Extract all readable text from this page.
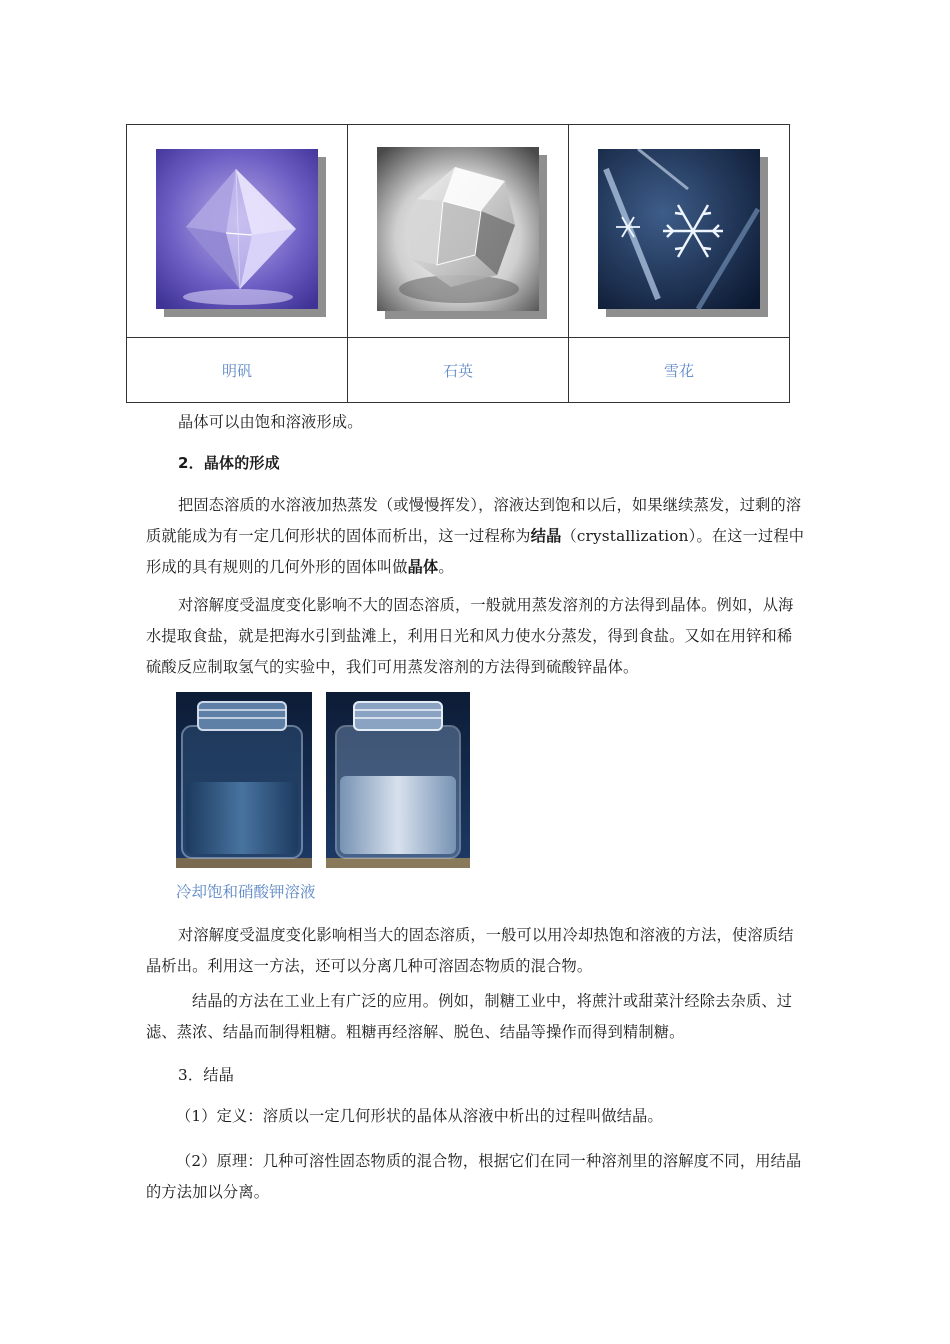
明矾	石英	雪花
晶体可以由饱和溶液形成。
2．晶体的形成
把固态溶质的水溶液加热蒸发（或慢慢挥发），溶液达到饱和以后，如果继续蒸发，过剩的溶质就能成为有一定几何形状的固体而析出，这一过程称为结晶（crystallization）。在这一过程中形成的具有规则的几何外形的固体叫做晶体。
对溶解度受温度变化影响不大的固态溶质，一般就用蒸发溶剂的方法得到晶体。例如，从海水提取食盐，就是把海水引到盐滩上，利用日光和风力使水分蒸发，得到食盐。又如在用锌和稀硫酸反应制取氢气的实验中，我们可用蒸发溶剂的方法得到硫酸锌晶体。
冷却饱和硝酸钾溶液
对溶解度受温度变化影响相当大的固态溶质，一般可以用冷却热饱和溶液的方法，使溶质结晶析出。利用这一方法，还可以分离几种可溶固态物质的混合物。
结晶的方法在工业上有广泛的应用。例如，制糖工业中，将蔗汁或甜菜汁经除去杂质、过滤、蒸浓、结晶而制得粗糖。粗糖再经溶解、脱色、结晶等操作而得到精制糖。
3．结晶
（1）定义：溶质以一定几何形状的晶体从溶液中析出的过程叫做结晶。
（2）原理：几种可溶性固态物质的混合物，根据它们在同一种溶剂里的溶解度不同，用结晶的方法加以分离。
